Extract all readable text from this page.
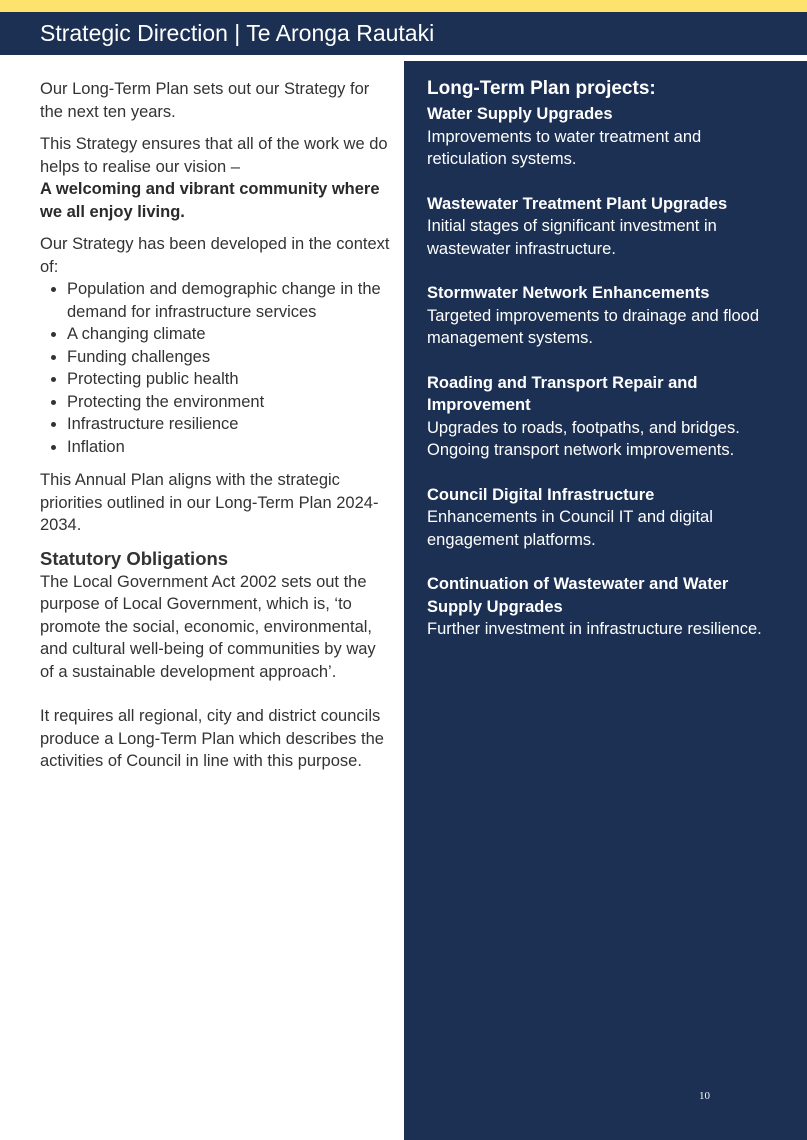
Strategic Direction | Te Aronga Rautaki

Our Long-Term Plan sets out our Strategy for the next ten years.

This Strategy ensures that all of the work we do helps to realise our vision –
A welcoming and vibrant community where we all enjoy living.

Our Strategy has been developed in the context of:

• Population and demographic change in the demand for infrastructure services
• A changing climate
• Funding challenges
• Protecting public health
• Protecting the environment
• Infrastructure resilience
• Inflation

This Annual Plan aligns with the strategic priorities outlined in our Long-Term Plan 2024-2034.

Statutory Obligations

The Local Government Act 2002 sets out the purpose of Local Government, which is, ‘to promote the social, economic, environmental, and cultural well-being of communities by way of a sustainable development approach’.

It requires all regional, city and district councils produce a Long-Term Plan which describes the activities of Council in line with this purpose.

Long-Term Plan projects:
Water Supply Upgrades
Improvements to water treatment and reticulation systems.
Wastewater Treatment Plant Upgrades
Initial stages of significant investment in wastewater infrastructure.
Stormwater Network Enhancements
Targeted improvements to drainage and flood management systems.
Roading and Transport Repair and Improvement
Upgrades to roads, footpaths, and bridges. Ongoing transport network improvements.
Council Digital Infrastructure
Enhancements in Council IT and digital engagement platforms.
Continuation of Wastewater and Water Supply Upgrades
Further investment in infrastructure resilience.
10
